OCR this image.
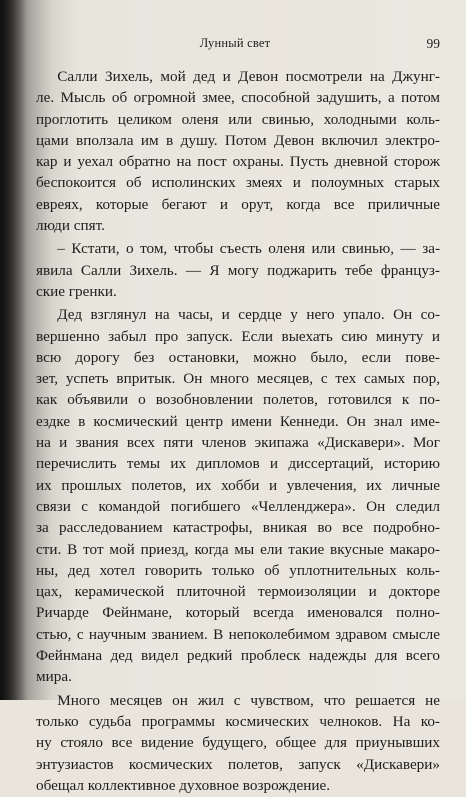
Лунный свет	99
Салли Зихель, мой дед и Девон посмотрели на Джунг-
ле. Мысль об огромной змее, способной задушить, а потом
проглотить целиком оленя или свинью, холодными коль-
цами вползала им в душу. Потом Девон включил электро-
кар и уехал обратно на пост охраны. Пусть дневной сторож
беспокоится об исполинских змеях и полоумных старых
евреях, которые бегают и орут, когда все приличные
люди спят.
– Кстати, о том, чтобы съесть оленя или свинью, — за-
явила Салли Зихель. — Я могу поджарить тебе француз-
ские гренки.
Дед взглянул на часы, и сердце у него упало. Он со-
вершенно забыл про запуск. Если выехать сию минуту и
всю дорогу без остановки, можно было, если пове-
зет, успеть впритык. Он много месяцев, с тех самых пор,
как объявили о возобновлении полетов, готовился к по-
ездке в космический центр имени Кеннеди. Он знал име-
на и звания всех пяти членов экипажа «Дискавери». Мог
перечислить темы их дипломов и диссертаций, историю
их прошлых полетов, их хобби и увлечения, их личные
связи с командой погибшего «Челленджера». Он следил
за расследованием катастрофы, вникая во все подробно-
сти. В тот мой приезд, когда мы ели такие вкусные макаро-
ны, дед хотел говорить только об уплотнительных коль-
цах, керамической плиточной термоизоляции и докторе
Ричарде Фейнмане, который всегда именовался полно-
стью, с научным званием. В непоколебимом здравом смысле
Фейнмана дед видел редкий проблеск надежды для всего
мира.
Много месяцев он жил с чувством, что решается не
только судьба программы космических челноков. На ко-
ну стояло все видение будущего, общее для приунывших
энтузиастов космических полетов, запуск «Дискавери»
обещал коллективное духовное возрождение.
